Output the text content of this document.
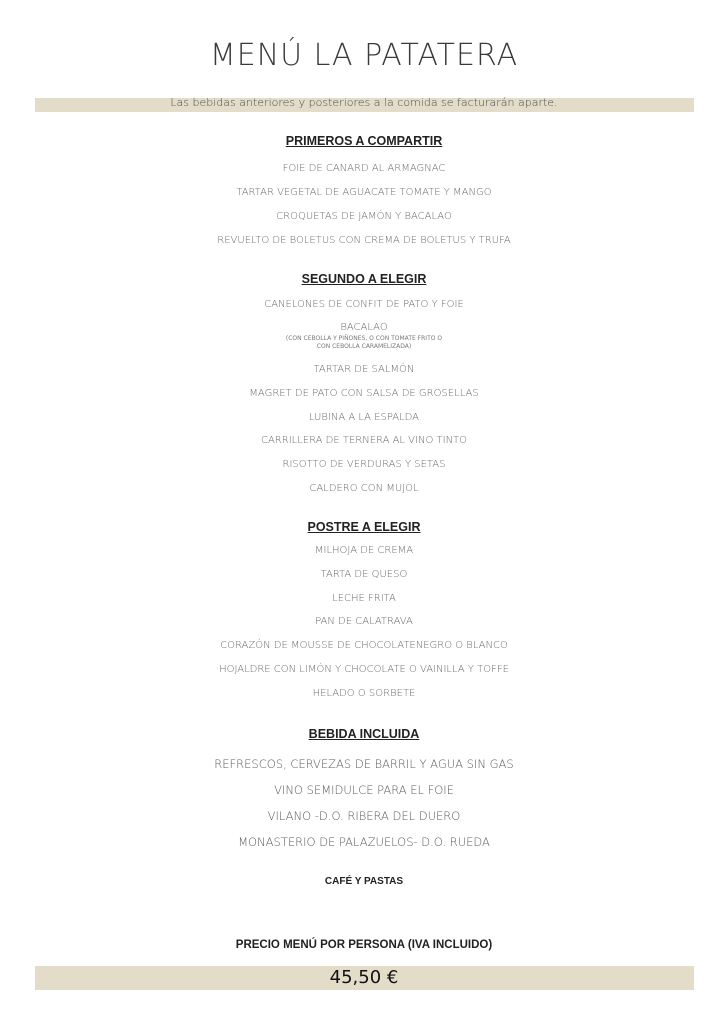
MENÚ LA PATATERA
Las bebidas anteriores y posteriores a la comida se facturarán aparte.
PRIMEROS A COMPARTIR
FOIE DE CANARD AL ARMAGNAC
TARTAR VEGETAL DE AGUACATE TOMATE Y MANGO
CROQUETAS DE JAMÓN Y BACALAO
REVUELTO DE BOLETUS CON CREMA DE BOLETUS Y TRUFA
SEGUNDO A ELEGIR
CANELONES DE CONFIT DE PATO Y FOIE
BACALAO
(CON CEBOLLA Y PIÑONES, O CON TOMATE FRITO O
CON CEBOLLA CARAMELIZADA)
TARTAR DE SALMÓN
MAGRET DE PATO CON SALSA DE GROSELLAS
LUBINA A LA ESPALDA
CARRILLERA DE TERNERA AL VINO TINTO
RISOTTO DE VERDURAS Y SETAS
CALDERO CON MUJOL
POSTRE A ELEGIR
MILHOJA DE CREMA
TARTA DE QUESO
LECHE FRITA
PAN DE CALATRAVA
CORAZÓN DE MOUSSE DE CHOCOLATENEGRO O BLANCO
HOJALDRE CON LIMÓN Y CHOCOLATE O VAINILLA Y TOFFE
HELADO O SORBETE
BEBIDA INCLUIDA
REFRESCOS, CERVEZAS DE BARRIL Y AGUA SIN GAS
VINO SEMIDULCE PARA EL FOIE
VILANO -D.O. RIBERA DEL DUERO
MONASTERIO DE PALAZUELOS- D.O. RUEDA
CAFÉ Y PASTAS
PRECIO MENÚ POR PERSONA (IVA INCLUIDO)
45,50 €
